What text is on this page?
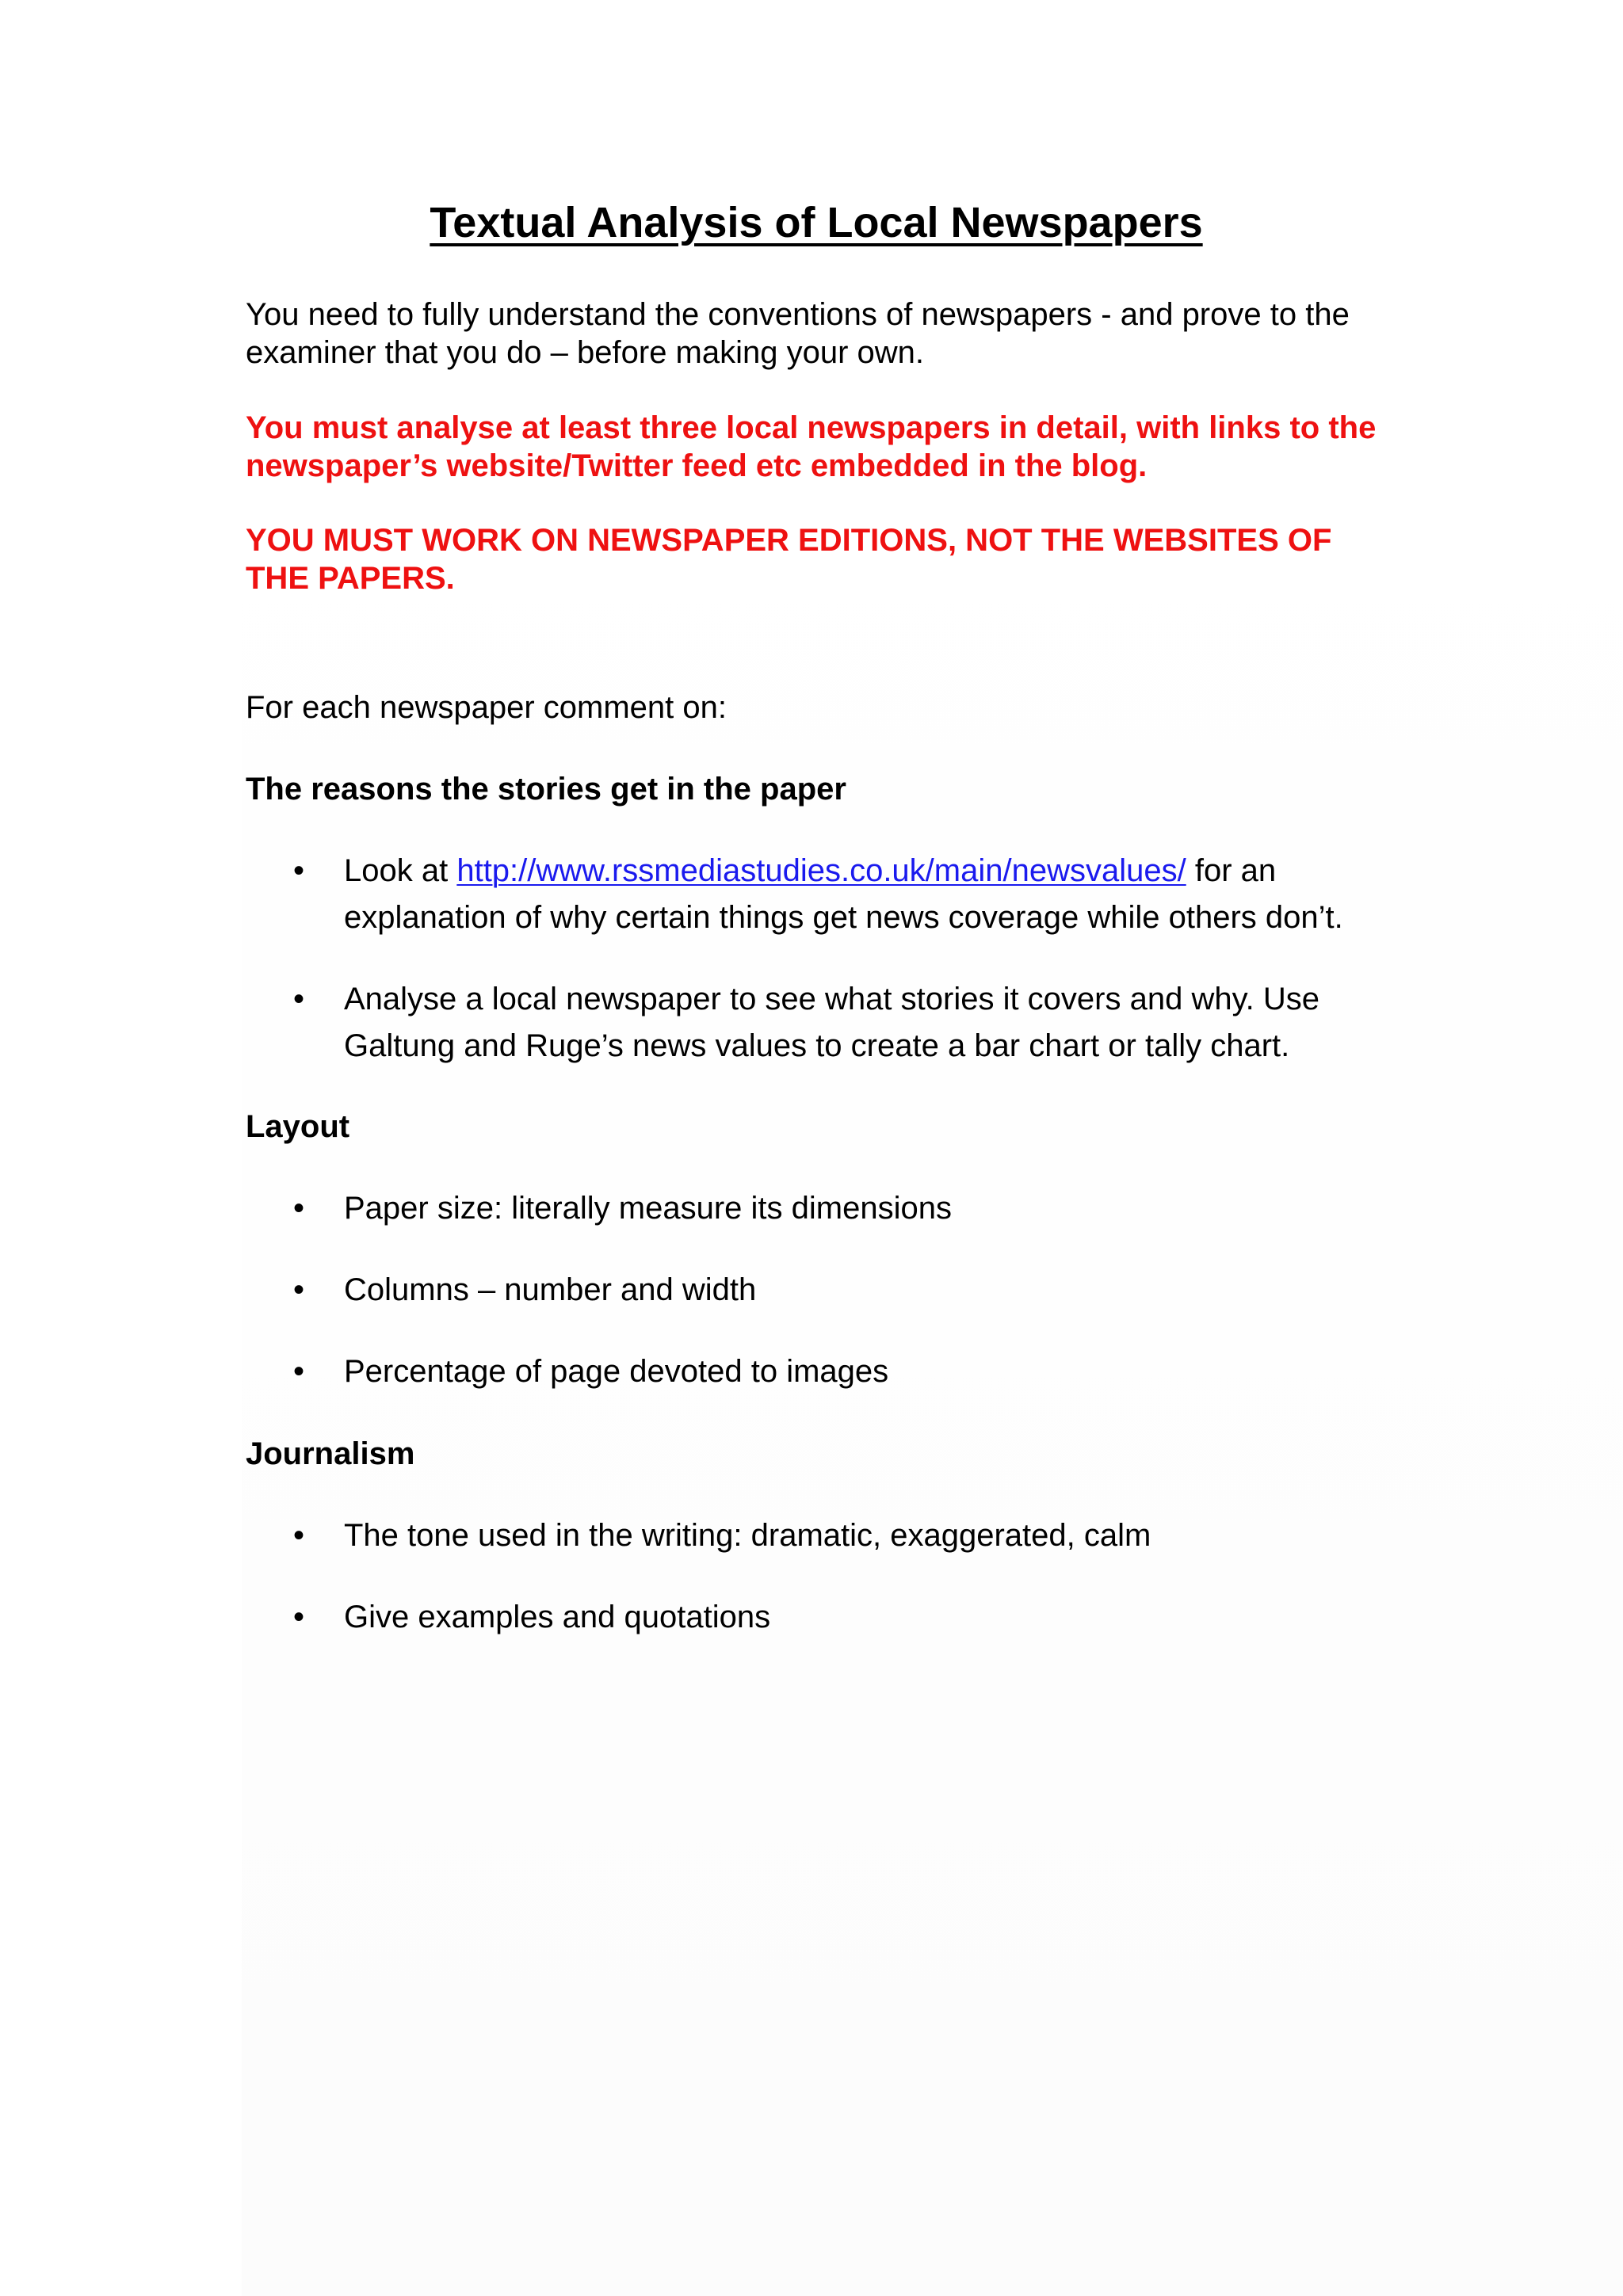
Textual Analysis of Local Newspapers

You need to fully understand the conventions of newspapers - and prove to the examiner that you do – before making your own.

You must analyse at least three local newspapers in detail, with links to the newspaper’s website/Twitter feed etc embedded in the blog.

YOU MUST WORK ON NEWSPAPER EDITIONS, NOT THE WEBSITES OF THE PAPERS.

For each newspaper comment on:

The reasons the stories get in the paper
•	Look at http://www.rssmediastudies.co.uk/main/newsvalues/ for an explanation of why certain things get news coverage while others don’t.
•	Analyse a local newspaper to see what stories it covers and why. Use Galtung and Ruge’s news values to create a bar chart or tally chart.
Layout
•	Paper size: literally measure its dimensions
•	Columns – number and width
•	Percentage of page devoted to images
Journalism
•	The tone used in the writing: dramatic, exaggerated, calm
•	Give examples and quotations
